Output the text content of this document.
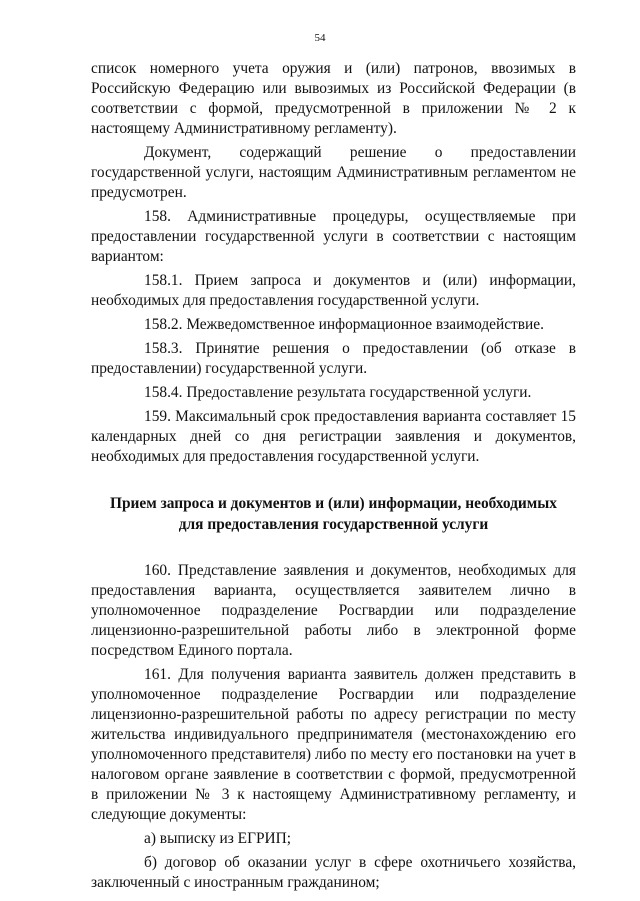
54

список номерного учета оружия и (или) патронов, ввозимых в Российскую Федерацию или вывозимых из Российской Федерации (в соответствии с формой, предусмотренной в приложении № 2 к настоящему Административному регламенту).

Документ, содержащий решение о предоставлении государственной услуги, настоящим Административным регламентом не предусмотрен.

158. Административные процедуры, осуществляемые при предоставлении государственной услуги в соответствии с настоящим вариантом:

158.1. Прием запроса и документов и (или) информации, необходимых для предоставления государственной услуги.

158.2. Межведомственное информационное взаимодействие.

158.3. Принятие решения о предоставлении (об отказе в предоставлении) государственной услуги.

158.4. Предоставление результата государственной услуги.

159. Максимальный срок предоставления варианта составляет 15 календарных дней со дня регистрации заявления и документов, необходимых для предоставления государственной услуги.

Прием запроса и документов и (или) информации, необходимых
для предоставления государственной услуги

160. Представление заявления и документов, необходимых для предоставления варианта, осуществляется заявителем лично в уполномоченное подразделение Росгвардии или подразделение лицензионно-разрешительной работы либо в электронной форме посредством Единого портала.

161. Для получения варианта заявитель должен представить в уполномоченное подразделение Росгвардии или подразделение лицензионно-разрешительной работы по адресу регистрации по месту жительства индивидуального предпринимателя (местонахождению его уполномоченного представителя) либо по месту его постановки на учет в налоговом органе заявление в соответствии с формой, предусмотренной в приложении № 3 к настоящему Административному регламенту, и следующие документы:

а) выписку из ЕГРИП;

б) договор об оказании услуг в сфере охотничьего хозяйства, заключенный с иностранным гражданином;
